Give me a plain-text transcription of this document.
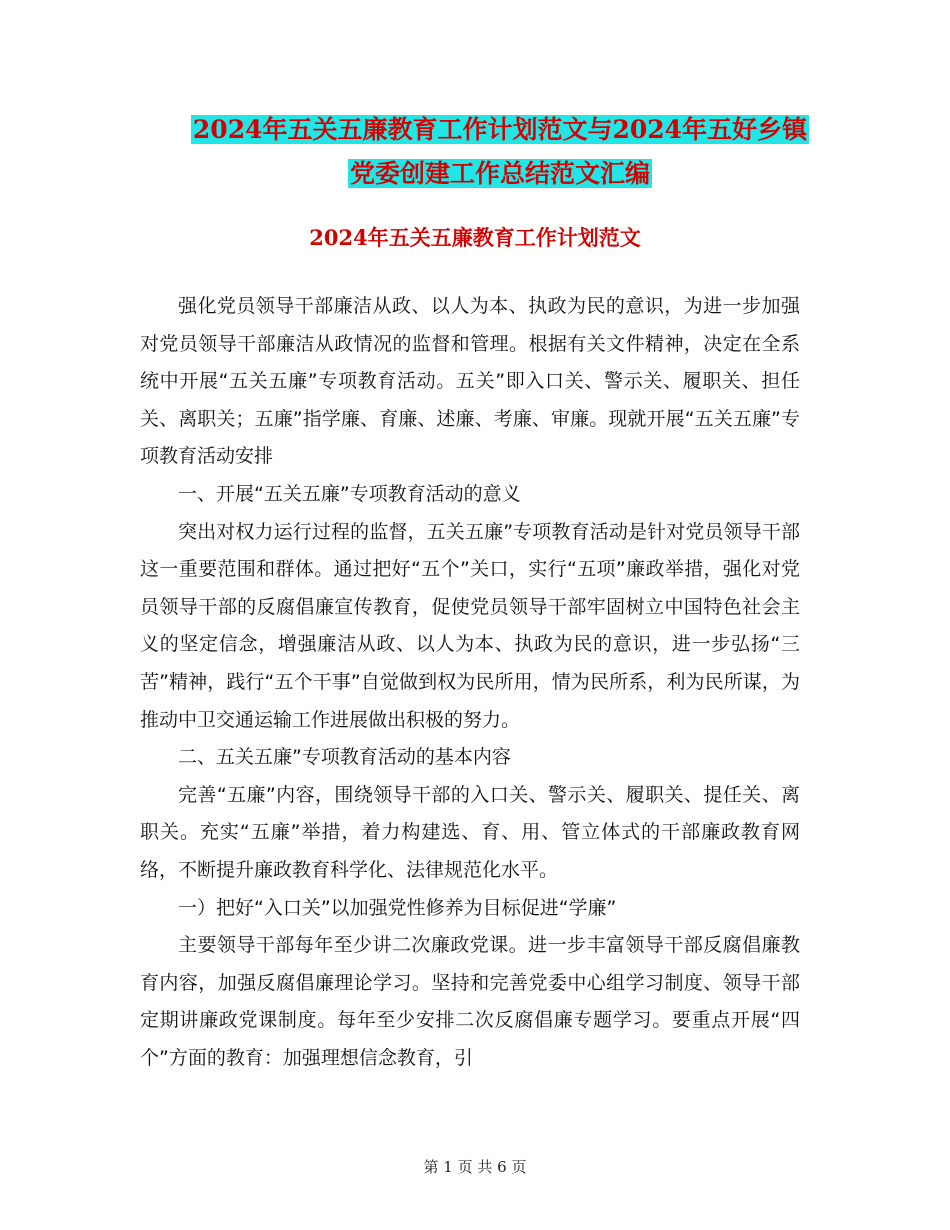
2024年五关五廉教育工作计划范文与2024年五好乡镇
党委创建工作总结范文汇编
2024年五关五廉教育工作计划范文

强化党员领导干部廉洁从政、以人为本、执政为民的意识，为进一步加强对党员领导干部廉洁从政情况的监督和管理。根据有关文件精神，决定在全系统中开展“五关五廉”专项教育活动。五关”即入口关、警示关、履职关、担任关、离职关；五廉”指学廉、育廉、述廉、考廉、审廉。现就开展“五关五廉”专项教育活动安排

一、开展“五关五廉”专项教育活动的意义

突出对权力运行过程的监督，五关五廉”专项教育活动是针对党员领导干部这一重要范围和群体。通过把好“五个”关口，实行“五项”廉政举措，强化对党员领导干部的反腐倡廉宣传教育，促使党员领导干部牢固树立中国特色社会主义的坚定信念，增强廉洁从政、以人为本、执政为民的意识，进一步弘扬“三苦”精神，践行“五个干事”自觉做到权为民所用，情为民所系，利为民所谋，为推动中卫交通运输工作进展做出积极的努力。

二、五关五廉”专项教育活动的基本内容

完善“五廉”内容，围绕领导干部的入口关、警示关、履职关、提任关、离职关。充实“五廉”举措，着力构建选、育、用、管立体式的干部廉政教育网络，不断提升廉政教育科学化、法律规范化水平。

一）把好“入口关”以加强党性修养为目标促进“学廉”

主要领导干部每年至少讲二次廉政党课。进一步丰富领导干部反腐倡廉教育内容，加强反腐倡廉理论学习。坚持和完善党委中心组学习制度、领导干部定期讲廉政党课制度。每年至少安排二次反腐倡廉专题学习。要重点开展“四个”方面的教育：加强理想信念教育，引

第 1 页 共 6 页
